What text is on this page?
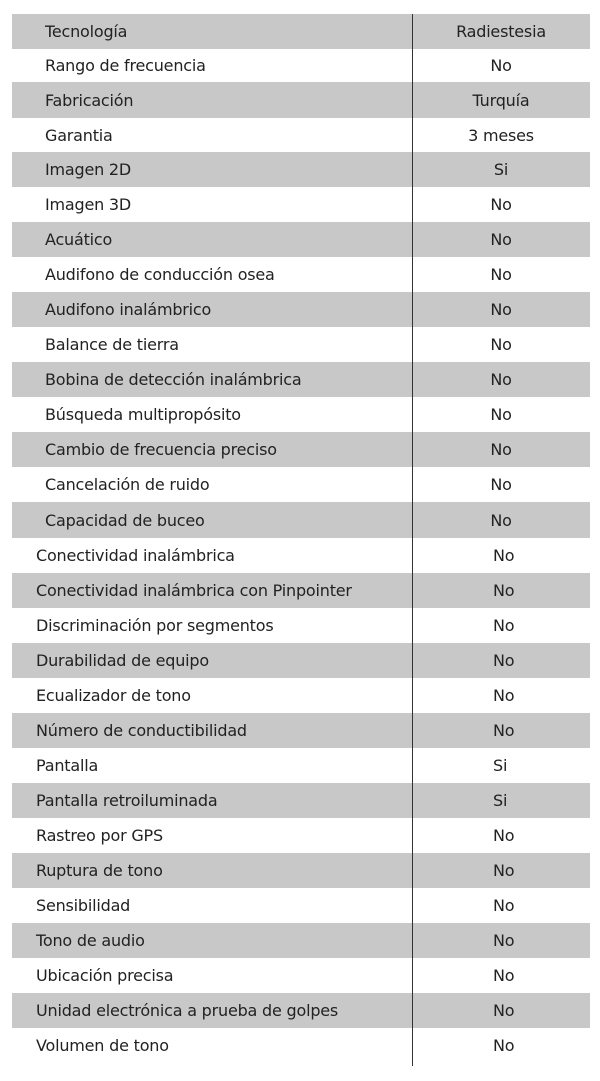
Tecnología	Radiestesia
Rango de frecuencia	No
Fabricación	Turquía
Garantia	3 meses
Imagen 2D	Si
Imagen 3D	No
Acuático	No
Audifono de conducción osea	No
Audifono inalámbrico	No
Balance de tierra	No
Bobina de detección inalámbrica	No
Búsqueda multipropósito	No
Cambio de frecuencia preciso	No
Cancelación de ruido	No
Capacidad de buceo	No
Conectividad inalámbrica	No
Conectividad inalámbrica con Pinpointer	No
Discriminación por segmentos	No
Durabilidad de equipo	No
Ecualizador de tono	No
Número de conductibilidad	No
Pantalla	Si
Pantalla retroiluminada	Si
Rastreo por GPS	No
Ruptura de tono	No
Sensibilidad	No
Tono de audio	No
Ubicación precisa	No
Unidad electrónica a prueba de golpes	No
Volumen de tono	No
